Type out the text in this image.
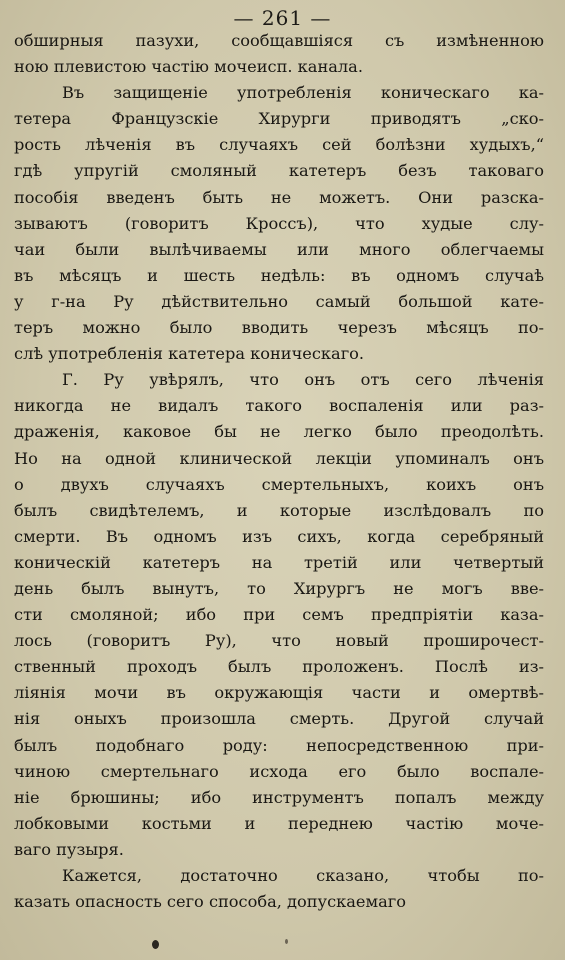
— 261 —
обширныя пазухи, сообщавшіяся съ измѣненною
ною плевистою частію мочеисп. канала.
Въ защищеніе употребленія коническаго ка-
тетера Французскіе Хирурги приводятъ „ско-
рость лѣченія въ случаяхъ сей болѣзни худыхъ,“
гдѣ упругій смоляный катетеръ безъ таковаго
пособія введенъ быть не можетъ. Они разска-
зываютъ (говоритъ Кроссъ), что худые слу-
чаи были вылѣчиваемы или много облегчаемы
въ мѣсяцъ и шесть недѣль: въ одномъ случаѣ
у г-на Ру дѣйствительно самый большой кате-
теръ можно было вводить черезъ мѣсяцъ по-
слѣ употребленія катетера коническаго.
Г. Ру увѣрялъ, что онъ отъ сего лѣченія
никогда не видалъ такого воспаленія или раз-
драженія, каковое бы не легко было преодолѣть.
Но на одной клинической лекціи упоминалъ онъ
о двухъ случаяхъ смертельныхъ, коихъ онъ
былъ свидѣтелемъ, и которые изслѣдовалъ по
смерти. Въ одномъ изъ сихъ, когда серебряный
коническій катетеръ на третій или четвертый
день былъ вынутъ, то Хирургъ не могъ вве-
сти смоляной; ибо при семъ предпріятіи каза-
лось (говоритъ Ру), что новый проширочест-
ственный проходъ былъ проложенъ. Послѣ из-
ліянія мочи въ окружающія части и омертвѣ-
нія оныхъ произошла смерть. Другой случай
былъ подобнаго роду: непосредственною при-
чиною смертельнаго исхода его было воспале-
ніе брюшины; ибо инструментъ попалъ между
лобковыми костьми и переднею частію моче-
ваго пузыря.
Кажется, достаточно сказано, чтобы по-
казать опасность сего способа, допускаемаго
